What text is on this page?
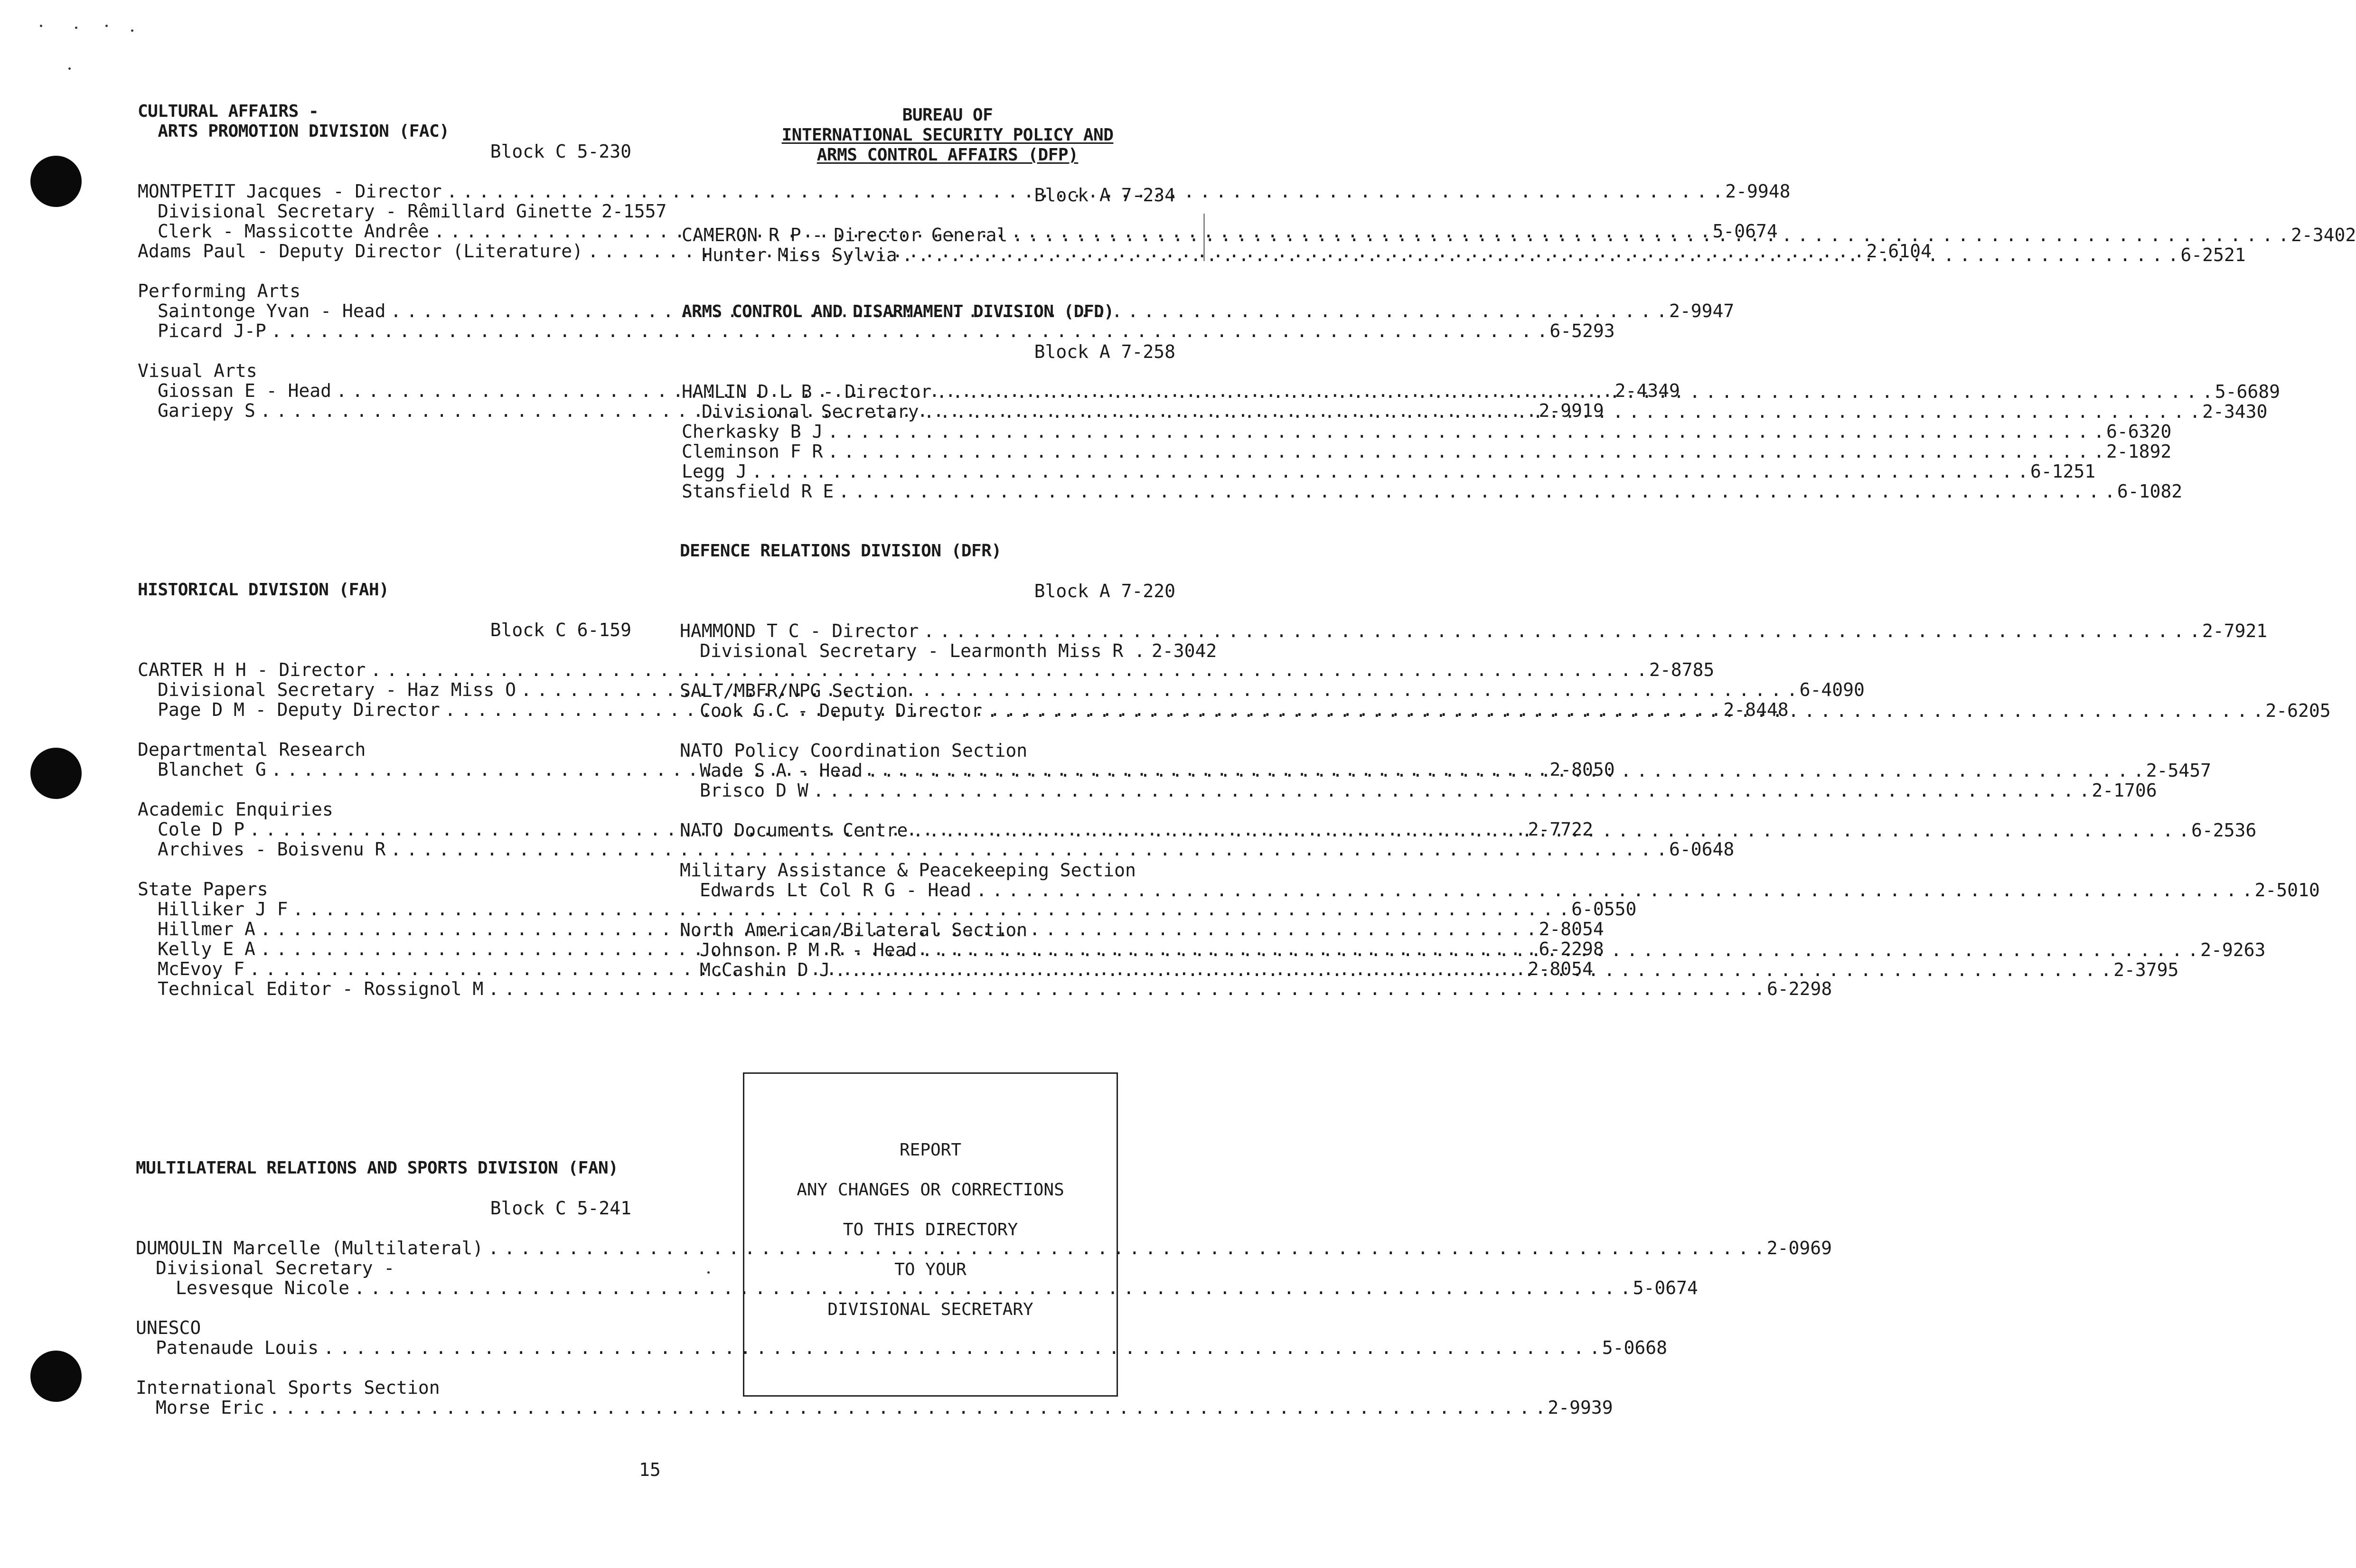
CULTURAL AFFAIRS -
ARTS PROMOTION DIVISION (FAC)
Block C 5-230
MONTPETIT Jacques - Director . . .	2-9948
Divisional Secretary - Rêmillard Ginette 2-1557
Clerk - Massicotte Andrêe . . .	5-0674
Adams Paul - Deputy Director (Literature) . . .	2-6104
Performing Arts
Saintonge Yvan - Head . . .	2-9947
Picard J-P . . .	6-5293
Visual Arts
Giossan E - Head . . .	2-4349
Gariepy S . . .	2-9919
HISTORICAL DIVISION (FAH)
Block C 6-159
CARTER H H - Director . . .	2-8785
Divisional Secretary - Haz Miss O . . .	6-4090
Page D M - Deputy Director . . .	2-8448
Departmental Research
Blanchet G . . .	2-8050
Academic Enquiries
Cole D P . . .	2-7722
Archives - Boisvenu R . . .	6-0648
State Papers
Hilliker J F . . .	6-0550
Hillmer A . . .	2-8054
Kelly E A . . .	6-2298
McEvoy F . . .	2-8054
Technical Editor - Rossignol M . . .	6-2298
MULTILATERAL RELATIONS AND SPORTS DIVISION (FAN)
Block C 5-241
DUMOULIN Marcelle (Multilateral) . . .	2-0969
Divisional Secretary -
Lesvesque Nicole . . .	5-0674
UNESCO
Patenaude Louis . . .	5-0668
International Sports Section
Morse Eric . . .	2-9939
BUREAU OF
INTERNATIONAL SECURITY POLICY AND
ARMS CONTROL AFFAIRS (DFP)
Block A 7-234
CAMERON R P - Director General . . .	2-3402
Hunter Miss Sylvia . . .	6-2521
ARMS CONTROL AND DISARMAMENT DIVISION (DFD)
Block A 7-258
HAMLIN D L B - Director . . .	5-6689
Divisional Secretary . . .	2-3430
Cherkasky B J . . .	6-6320
Cleminson F R . . .	2-1892
Legg J . . .	6-1251
Stansfield R E . . .	6-1082
DEFENCE RELATIONS DIVISION (DFR)
Block A 7-220
HAMMOND T C - Director . . .	2-7921
Divisional Secretary - Learmonth Miss R . 2-3042
SALT/MBFR/NPG Section
Cook G C - Deputy Director . . .	2-6205
NATO Policy Coordination Section
Wade S A - Head . . .	2-5457
Brisco D W . . .	2-1706
NATO Documents Centre . . .	6-2536
Military Assistance & Peacekeeping Section
Edwards Lt Col R G - Head . . .	2-5010
North American/Bilateral Section
Johnson P M R - Head . . .	2-9263
McCashin D J . . .	2-3795
REPORT
ANY CHANGES OR CORRECTIONS
TO THIS DIRECTORY
TO YOUR
DIVISIONAL SECRETARY
15
